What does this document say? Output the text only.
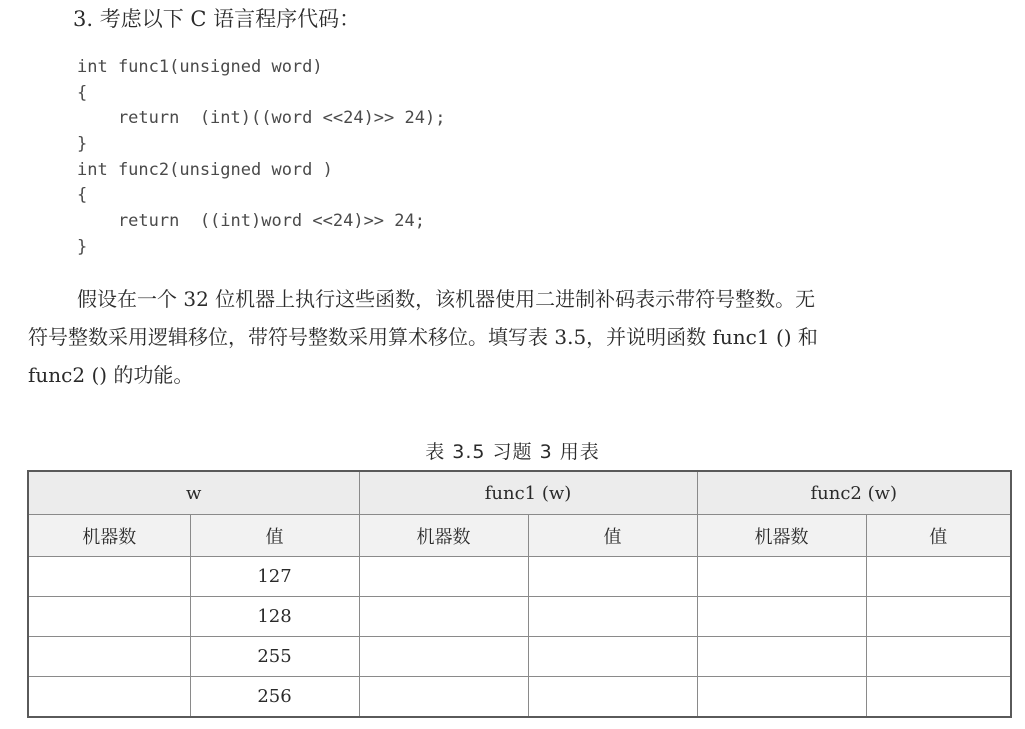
3. 考虑以下 C 语言程序代码：
int func1(unsigned word)
{
return  (int)((word <<24)>> 24);
}
int func2(unsigned word )
{
return  ((int)word <<24)>> 24;
}
假设在一个 32 位机器上执行这些函数，该机器使用二进制补码表示带符号整数。无
符号整数采用逻辑移位，带符号整数采用算术移位。填写表 3.5，并说明函数 func1 () 和
func2 () 的功能。
表 3.5 习题 3 用表
w		func1 (w)		func2 (w)	
机器数	值	机器数	值	机器数	值
	127				
	128				
	255				
	256				
